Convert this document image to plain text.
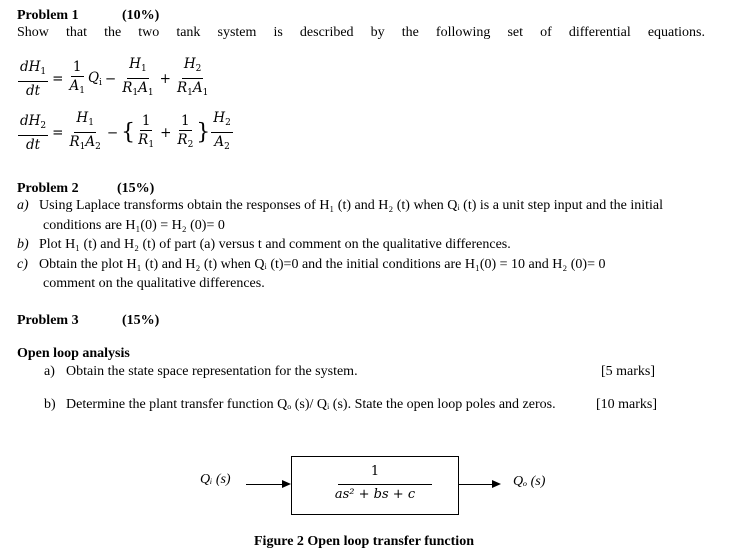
Problem 1	(10%)
Show that the two tank system is described by the following set of differential equations.
$\frac{dH_1}{dt} = \frac{1}{A_1} Q_i - \frac{H_1}{R_1A_1} + \frac{H_2}{R_1A_1}$
$\frac{dH_2}{dt} = \frac{H_1}{R_1A_2}$ − { $\frac{1}{R_1} + \frac{1}{R_2}$ } $\frac{H_2}{A_2}$
Problem 2	(15%)
a) Using Laplace transforms obtain the responses of H₁ (t) and H₂ (t) when Qᵢ (t) is a unit step input and the initial
conditions are H₁(0) = H₂ (0)= 0
b) Plot H₁ (t) and H₂ (t) of part (a) versus t and comment on the qualitative differences.
c) Obtain the plot H₁ (t) and H₂ (t) when Qᵢ (t)=0 and the initial conditions are H₁(0) = 10 and H₂ (0)= 0
comment on the qualitative differences.
Problem 3	(15%)
Open loop analysis
a) Obtain the state space representation for the system.	[5 marks]
b) Determine the plant transfer function Qₒ (s)/ Qᵢ (s). State the open loop poles and zeros.	[10 marks]
Qᵢ (s)
1
as² + bs + c
Qₒ (s)
Figure 2 Open loop transfer function
